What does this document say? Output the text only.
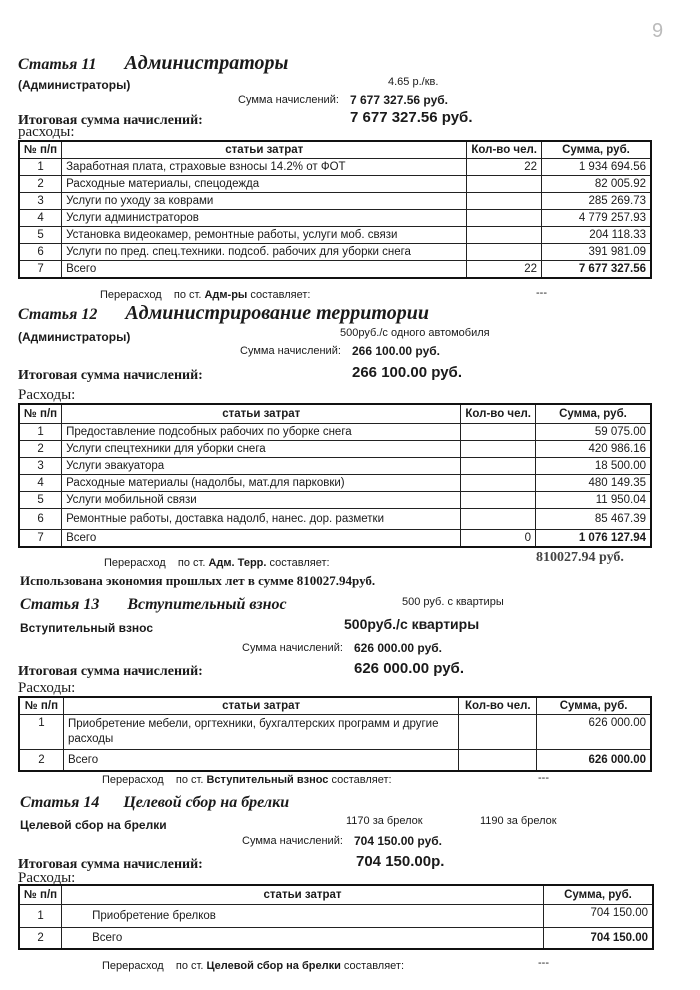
9
Статья 11 Администраторы
(Администраторы)	4.65 р./кв.
Сумма начислений: 7 677 327.56 руб.
Итоговая сумма начислений:	7 677 327.56 руб.
расходы:
№ п/п	статьи затрат	Кол-во чел.	Сумма, руб.
1	Заработная плата, страховые взносы 14.2% от ФОТ	22	1 934 694.56
2	Расходные материалы, спецодежда		82 005.92
3	Услуги по уходу за коврами		285 269.73
4	Услуги администраторов		4 779 257.93
5	Установка видеокамер, ремонтные работы, услуги моб. связи		204 118.33
6	Услуги по пред. спец.техники. подсоб. рабочих для уборки снега		391 981.09
7	Всего	22	7 677 327.56
Перерасход по ст. Адм-ры составляет:	---
Статья 12 Администрирование территории
(Администраторы)	500руб./с одного автомобиля
Сумма начислений: 266 100.00 руб.
Итоговая сумма начислений:	266 100.00 руб.
Расходы:
№ п/п	статьи затрат	Кол-во чел.	Сумма, руб.
1	Предоставление подсобных рабочих по уборке снега		59 075.00
2	Услуги спецтехники для уборки снега		420 986.16
3	Услуги эвакуатора		18 500.00
4	Расходные материалы (надолбы, мат.для парковки)		480 149.35
5	Услуги мобильной связи		11 950.04
6	Ремонтные работы, доставка надолб, нанес. дор. разметки		85 467.39
7	Всего	0	1 076 127.94
Перерасход по ст. Адм. Терр. составляет:	810027.94 руб.
Использована экономия прошлых лет в сумме 810027.94руб.
Статья 13 Вступительный взнос	500 руб. с квартиры
Вступительный взнос	500руб./с квартиры
Сумма начислений: 626 000.00 руб.
Итоговая сумма начислений:	626 000.00 руб.
Расходы:
№ п/п	статьи затрат	Кол-во чел.	Сумма, руб.
1	Приобретение мебели, оргтехники, бухгалтерских программ и другие расходы		626 000.00
2	Всего		626 000.00
Перерасход по ст. Вступительный взнос составляет:	---
Статья 14 Целевой сбор на брелки
Целевой сбор на брелки	1170 за брелок	1190 за брелок
Сумма начислений: 704 150.00 руб.
Итоговая сумма начислений:	704 150.00р.
Расходы:
№ п/п	статьи затрат	Сумма, руб.
1	Приобретение брелков	704 150.00
2	Всего	704 150.00
Перерасход по ст. Целевой сбор на брелки составляет:	---
